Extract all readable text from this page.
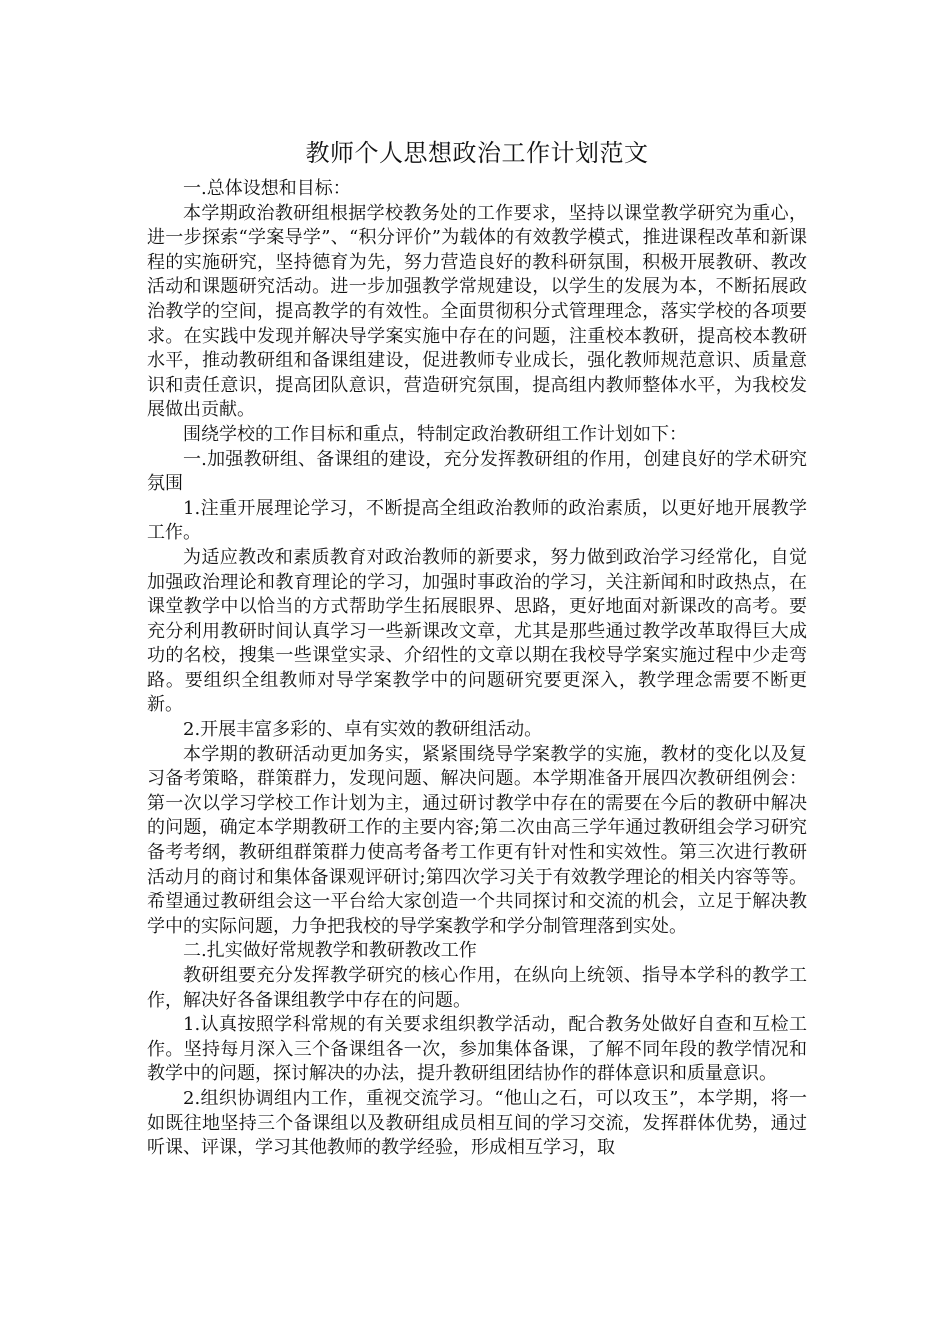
教师个人思想政治工作计划范文

一.总体设想和目标：

本学期政治教研组根据学校教务处的工作要求，坚持以课堂教学研究为重心，进一步探索“学案导学”、“积分评价”为载体的有效教学模式，推进课程改革和新课程的实施研究，坚持德育为先，努力营造良好的教科研氛围，积极开展教研、教改活动和课题研究活动。进一步加强教学常规建设，以学生的发展为本，不断拓展政治教学的空间，提高教学的有效性。全面贯彻积分式管理理念，落实学校的各项要求。在实践中发现并解决导学案实施中存在的问题，注重校本教研，提高校本教研水平，推动教研组和备课组建设，促进教师专业成长，强化教师规范意识、质量意识和责任意识，提高团队意识，营造研究氛围，提高组内教师整体水平，为我校发展做出贡献。

围绕学校的工作目标和重点，特制定政治教研组工作计划如下：

一.加强教研组、备课组的建设，充分发挥教研组的作用，创建良好的学术研究氛围

1.注重开展理论学习，不断提高全组政治教师的政治素质，以更好地开展教学工作。

为适应教改和素质教育对政治教师的新要求，努力做到政治学习经常化，自觉加强政治理论和教育理论的学习，加强时事政治的学习，关注新闻和时政热点，在课堂教学中以恰当的方式帮助学生拓展眼界、思路，更好地面对新课改的高考。要充分利用教研时间认真学习一些新课改文章，尤其是那些通过教学改革取得巨大成功的名校，搜集一些课堂实录、介绍性的文章以期在我校导学案实施过程中少走弯路。要组织全组教师对导学案教学中的问题研究要更深入，教学理念需要不断更新。

2.开展丰富多彩的、卓有实效的教研组活动。

本学期的教研活动更加务实，紧紧围绕导学案教学的实施，教材的变化以及复习备考策略，群策群力，发现问题、解决问题。本学期准备开展四次教研组例会：第一次以学习学校工作计划为主，通过研讨教学中存在的需要在今后的教研中解决的问题，确定本学期教研工作的主要内容;第二次由高三学年通过教研组会学习研究备考考纲，教研组群策群力使高考备考工作更有针对性和实效性。第三次进行教研活动月的商讨和集体备课观评研讨;第四次学习关于有效教学理论的相关内容等等。希望通过教研组会这一平台给大家创造一个共同探讨和交流的机会，立足于解决教学中的实际问题，力争把我校的导学案教学和学分制管理落到实处。

二.扎实做好常规教学和教研教改工作

教研组要充分发挥教学研究的核心作用，在纵向上统领、指导本学科的教学工作，解决好各备课组教学中存在的问题。

1.认真按照学科常规的有关要求组织教学活动，配合教务处做好自查和互检工作。坚持每月深入三个备课组各一次，参加集体备课，了解不同年段的教学情况和教学中的问题，探讨解决的办法，提升教研组团结协作的群体意识和质量意识。

2.组织协调组内工作，重视交流学习。“他山之石，可以攻玉”，本学期，将一如既往地坚持三个备课组以及教研组成员相互间的学习交流，发挥群体优势，通过听课、评课，学习其他教师的教学经验，形成相互学习，取
